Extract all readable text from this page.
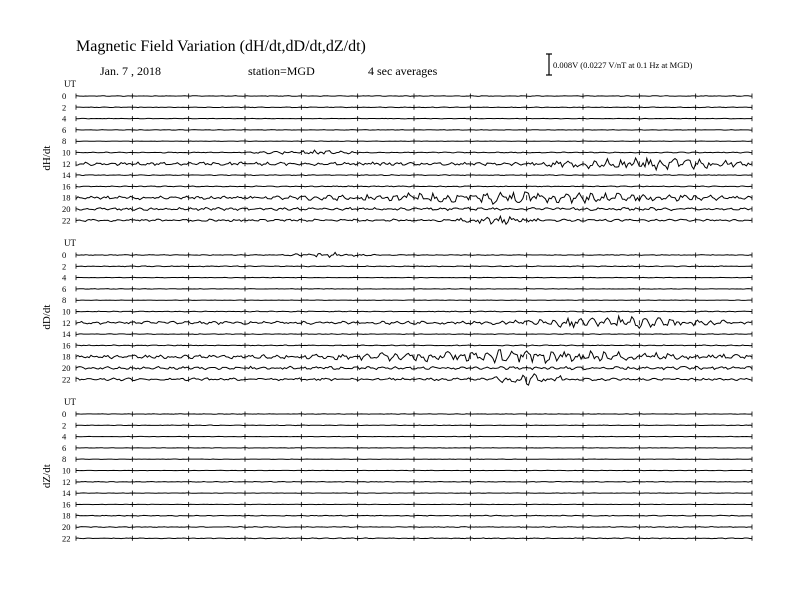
Magnetic Field Variation (dH/dt,dD/dt,dZ/dt)
Jan. 7 , 2018	station=MGD	4 sec averages	0.008V (0.0227 V/nT at 0.1 Hz at MGD)
UT
dH/dt
0
2
4
6
8
10
12
14
16
18
20
22
UT
dD/dt
0
2
4
6
8
10
12
14
16
18
20
22
UT
dZ/dt
0
2
4
6
8
10
12
14
16
18
20
22
